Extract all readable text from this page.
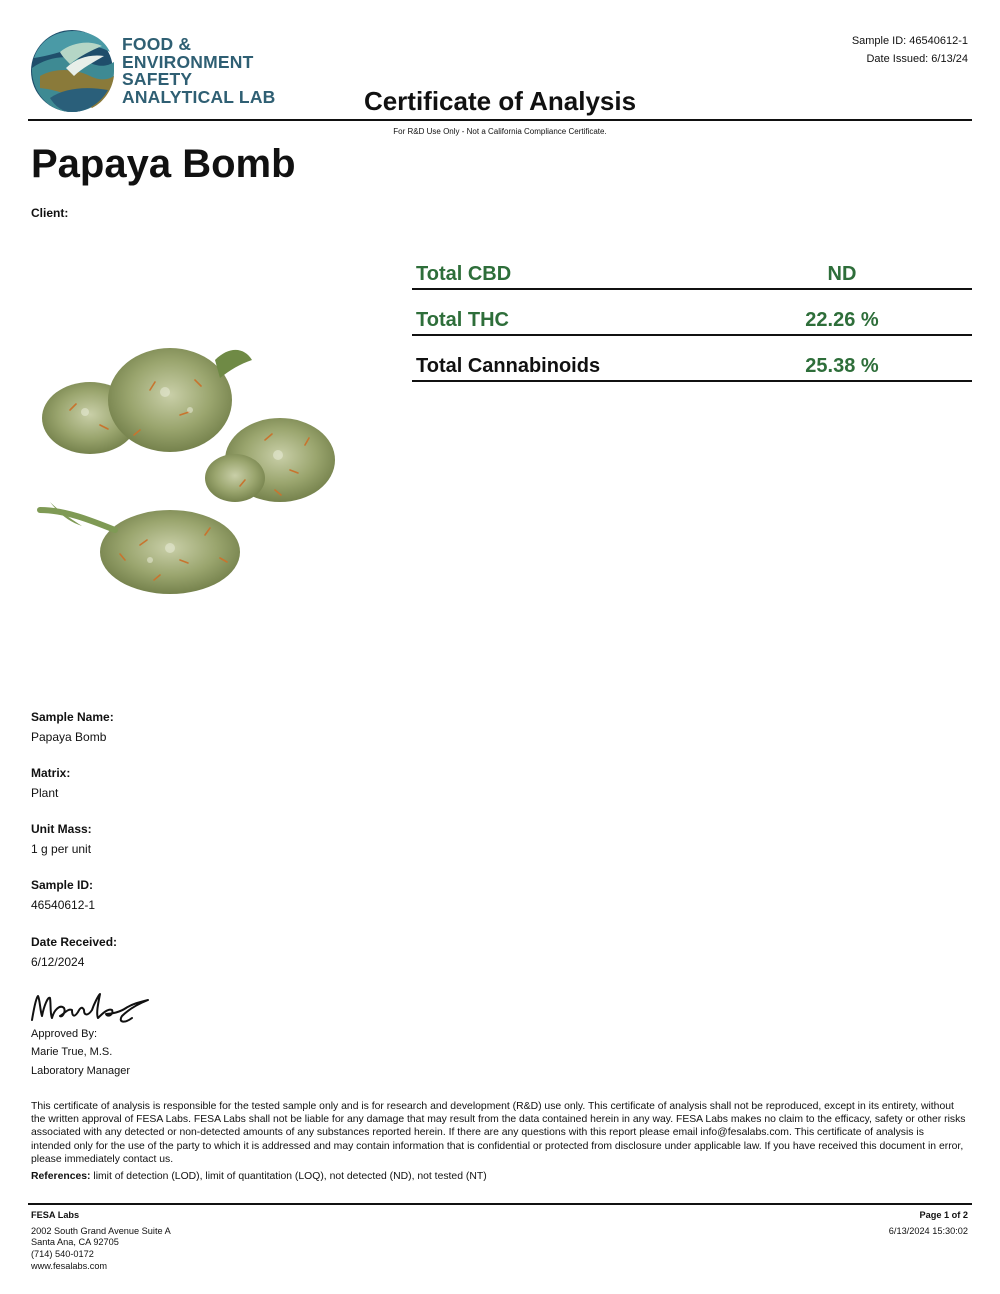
FOOD &
ENVIRONMENT
SAFETY
ANALYTICAL LAB
Sample ID: 46540612-1
Date Issued: 6/13/24
Certificate of Analysis
For R&D Use Only - Not a California Compliance Certificate.
Papaya Bomb
Client:
Total CBD	ND
Total THC	22.26 %
Total Cannabinoids	25.38 %
Sample Name:
Papaya Bomb
Matrix:
Plant
Unit Mass:
1 g per unit
Sample ID:
46540612-1
Date Received:
6/12/2024
Approved By:
Marie True, M.S.
Laboratory Manager
This certificate of analysis is responsible for the tested sample only and is for research and development (R&D) use only. This certificate of analysis shall not be reproduced, except in its entirety, without the written approval of FESA Labs. FESA Labs shall not be liable for any damage that may result from the data contained herein in any way. FESA Labs makes no claim to the efficacy, safety or other risks associated with any detected or non-detected amounts of any substances reported herein. If there are any questions with this report please email info@fesalabs.com. This certificate of analysis is intended only for the use of the party to which it is addressed and may contain information that is confidential or protected from disclosure under applicable law. If you have received this document in error, please immediately contact us.
References: limit of detection (LOD), limit of quantitation (LOQ), not detected (ND), not tested (NT)
FESA Labs
2002 South Grand Avenue Suite A
Santa Ana, CA 92705
(714) 540-0172
www.fesalabs.com
Page 1 of 2
6/13/2024 15:30:02
